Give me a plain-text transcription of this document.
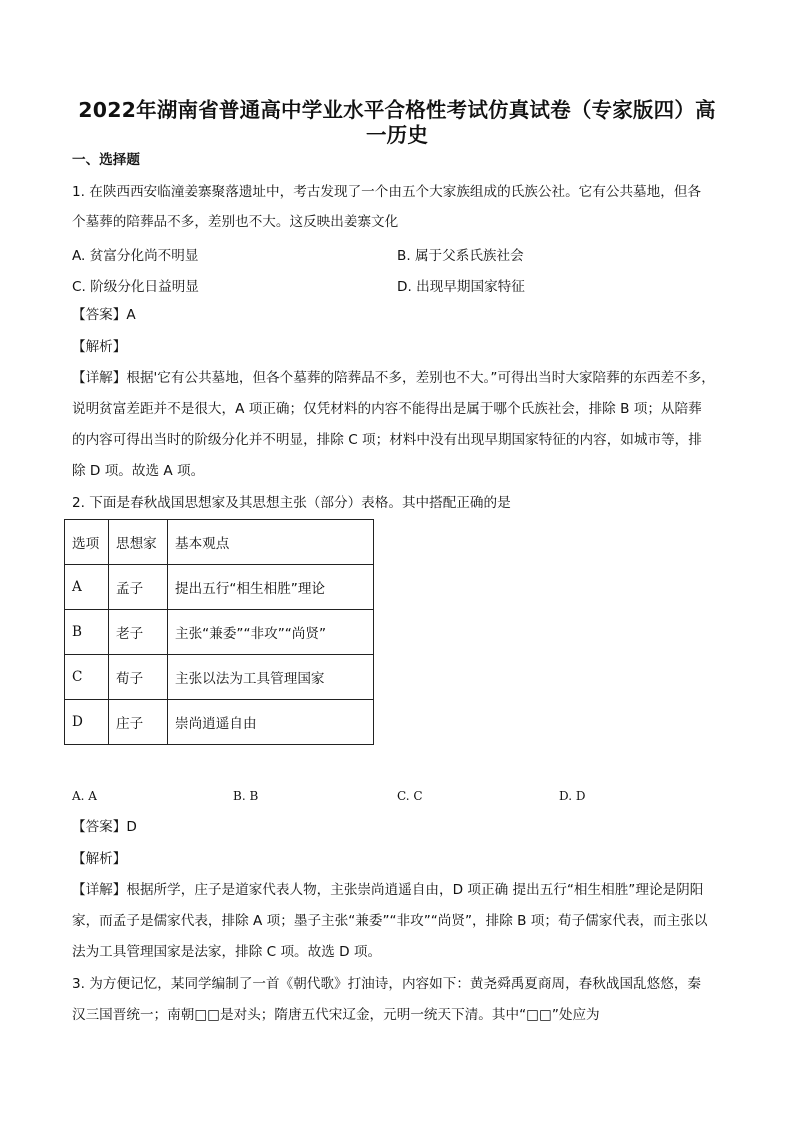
2022年湖南省普通高中学业水平合格性考试仿真试卷（专家版四）高
一历史
一、选择题
1. 在陕西西安临潼姜寨聚落遗址中，考古发现了一个由五个大家族组成的氏族公社。它有公共墓地，但各
个墓葬的陪葬品不多，差别也不大。这反映出姜寨文化
A. 贫富分化尚不明显	B. 属于父系氏族社会
C. 阶级分化日益明显	D. 出现早期国家特征
【答案】A
【解析】
【详解】根据'它有公共墓地，但各个墓葬的陪葬品不多，差别也不大。”可得出当时大家陪葬的东西差不多，
说明贫富差距并不是很大，A 项正确；仅凭材料的内容不能得出是属于哪个氏族社会，排除 B 项；从陪葬
的内容可得出当时的阶级分化并不明显，排除 C 项；材料中没有出现早期国家特征的内容，如城市等，排
除 D 项。故选 A 项。
2. 下面是春秋战国思想家及其思想主张（部分）表格。其中搭配正确的是
选项	思想家	基本观点
A	孟子	提出五行“相生相胜”理论
B	老子	主张“兼委”“非攻”“尚贤”
C	荀子	主张以法为工具管理国家
D	庄子	崇尚逍遥自由
A. A	B. B	C. C	D. D
【答案】D
【解析】
【详解】根据所学，庄子是道家代表人物，主张崇尚逍遥自由，D 项正确 提出五行“相生相胜”理论是阴阳
家，而孟子是儒家代表，排除 A 项；墨子主张“兼委”“非攻”“尚贤”，排除 B 项；荀子儒家代表，而主张以
法为工具管理国家是法家，排除 C 项。故选 D 项。
3. 为方便记忆，某同学编制了一首《朝代歌》打油诗，内容如下：黄尧舜禹夏商周，春秋战国乱悠悠，秦
汉三国晋统一；南朝□□是对头；隋唐五代宋辽金，元明一统天下清。其中“□□”处应为
